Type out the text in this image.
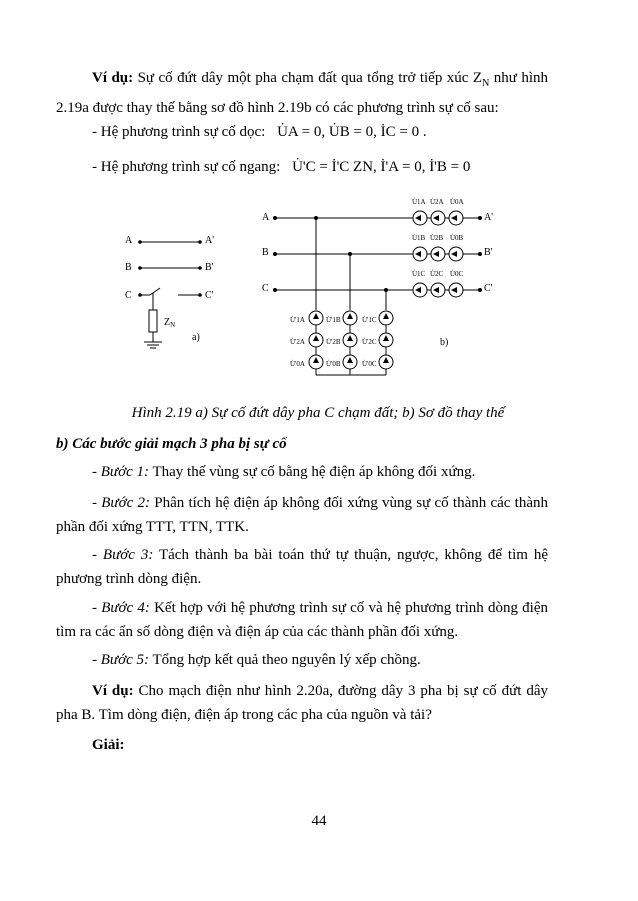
Ví dụ: Sự cố đứt dây một pha chạm đất qua tổng trở tiếp xúc $Z_N$ như hình 2.19a được thay thế bằng sơ đồ hình 2.19b có các phương trình sự cố sau:

- Hệ phương trình sự cố dọc: U̇A = 0, U̇B = 0, İC = 0 .
- Hệ phương trình sự cố ngang: U̇'C = İ'C ZN, İ'A = 0, İ'B = 0
A
B
C
A'
B'
C'
$Z_N$
a)
A
B
C
A'
B'
C'
U̇1A U̇2A U̇0A
U̇1B U̇2B U̇0B
U̇1C U̇2C U̇0C
U̇'1A	U̇'1B	U̇'1C
U̇'2A	U̇'2B	U̇'2C
U̇'0A	U̇'0B	U̇'0C
b)
Hình 2.19 a) Sự cố đứt dây pha C chạm đất; b) Sơ đồ thay thế
b) Các bước giải mạch 3 pha bị sự cố

- Bước 1: Thay thế vùng sự cố bằng hệ điện áp không đối xứng.

- Bước 2: Phân tích hệ điện áp không đối xứng vùng sự cố thành các thành phần đối xứng TTT, TTN, TTK.

- Bước 3: Tách thành ba bài toán thứ tự thuận, ngược, không để tìm hệ phương trình dòng điện.

- Bước 4: Kết hợp với hệ phương trình sự cố và hệ phương trình dòng điện tìm ra các ẩn số dòng điện và điện áp của các thành phần đối xứng.

- Bước 5: Tổng hợp kết quả theo nguyên lý xếp chồng.

Ví dụ: Cho mạch điện như hình 2.20a, đường dây 3 pha bị sự cố đứt dây pha B. Tìm dòng điện, điện áp trong các pha của nguồn và tải?

Giải:

44
